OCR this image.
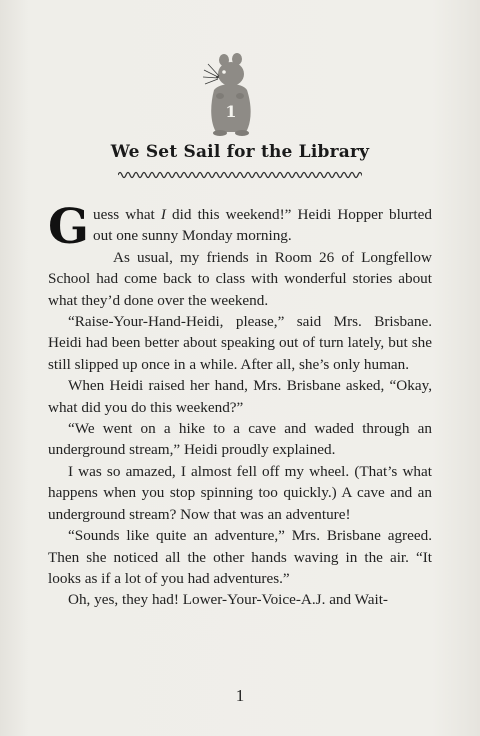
1
We Set Sail for the Library

Guess what I did this weekend!” Heidi Hopper blurted out one sunny Monday morning.

As usual, my friends in Room 26 of Longfellow School had come back to class with wonderful stories about what they’d done over the weekend.

“Raise-Your-Hand-Heidi, please,” said Mrs. Brisbane. Heidi had been better about speaking out of turn lately, but she still slipped up once in a while. After all, she’s only human.

When Heidi raised her hand, Mrs. Brisbane asked, “Okay, what did you do this weekend?”

“We went on a hike to a cave and waded through an underground stream,” Heidi proudly explained.

I was so amazed, I almost fell off my wheel. (That’s what happens when you stop spinning too quickly.) A cave and an underground stream? Now that was an adventure!

“Sounds like quite an adventure,” Mrs. Brisbane agreed. Then she noticed all the other hands waving in the air. “It looks as if a lot of you had adventures.”

Oh, yes, they had! Lower-Your-Voice-A.J. and Wait-

1
